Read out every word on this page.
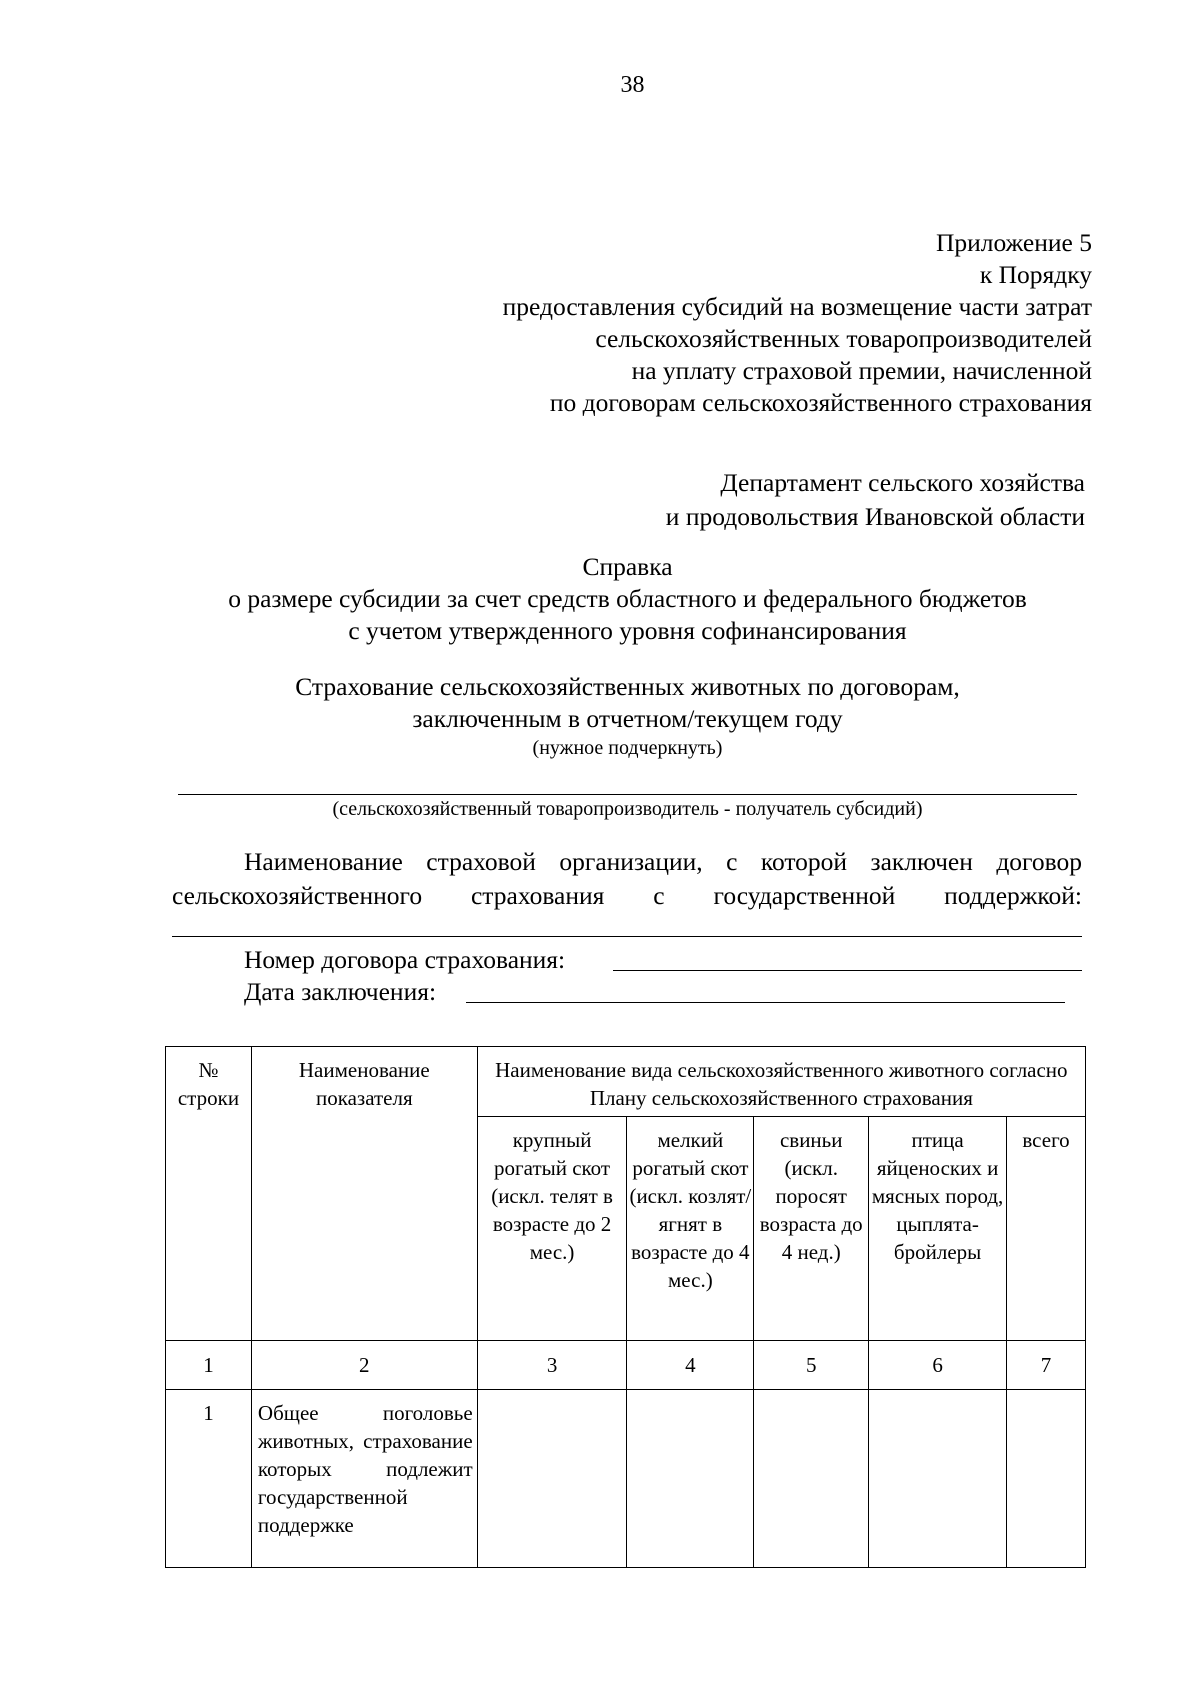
38
Приложение 5
к Порядку
предоставления субсидий на возмещение части затрат
сельскохозяйственных товаропроизводителей
на уплату страховой премии, начисленной
по договорам сельскохозяйственного страхования
Департамент сельского хозяйства
и продовольствия Ивановской области
Справка
о размере субсидии за счет средств областного и федерального бюджетов
с учетом утвержденного уровня софинансирования
Страхование сельскохозяйственных животных по договорам,
заключенным в отчетном/текущем году
(нужное подчеркнуть)
(сельскохозяйственный товаропроизводитель - получатель субсидий)
Наименование страховой организации, с которой заключен договор
сельскохозяйственного страхования с государственной поддержкой:
Номер договора страхования:
Дата заключения:
№ строки	Наименование показателя	Наименование вида сельскохозяйственного животного согласно Плану сельскохозяйственного страхования				
		крупный рогатый скот (искл. телят в возрасте до 2 мес.)	мелкий рогатый скот (искл. козлят/ ягнят в возрасте до 4 мес.)	свиньи (искл. поросят возраста до 4 нед.)	птица яйценоских и мясных пород, цыплята-бройлеры	всего
1	2	3	4	5	6	7
1	Общее поголовье животных, страхование которых подлежит государственной поддержке					
